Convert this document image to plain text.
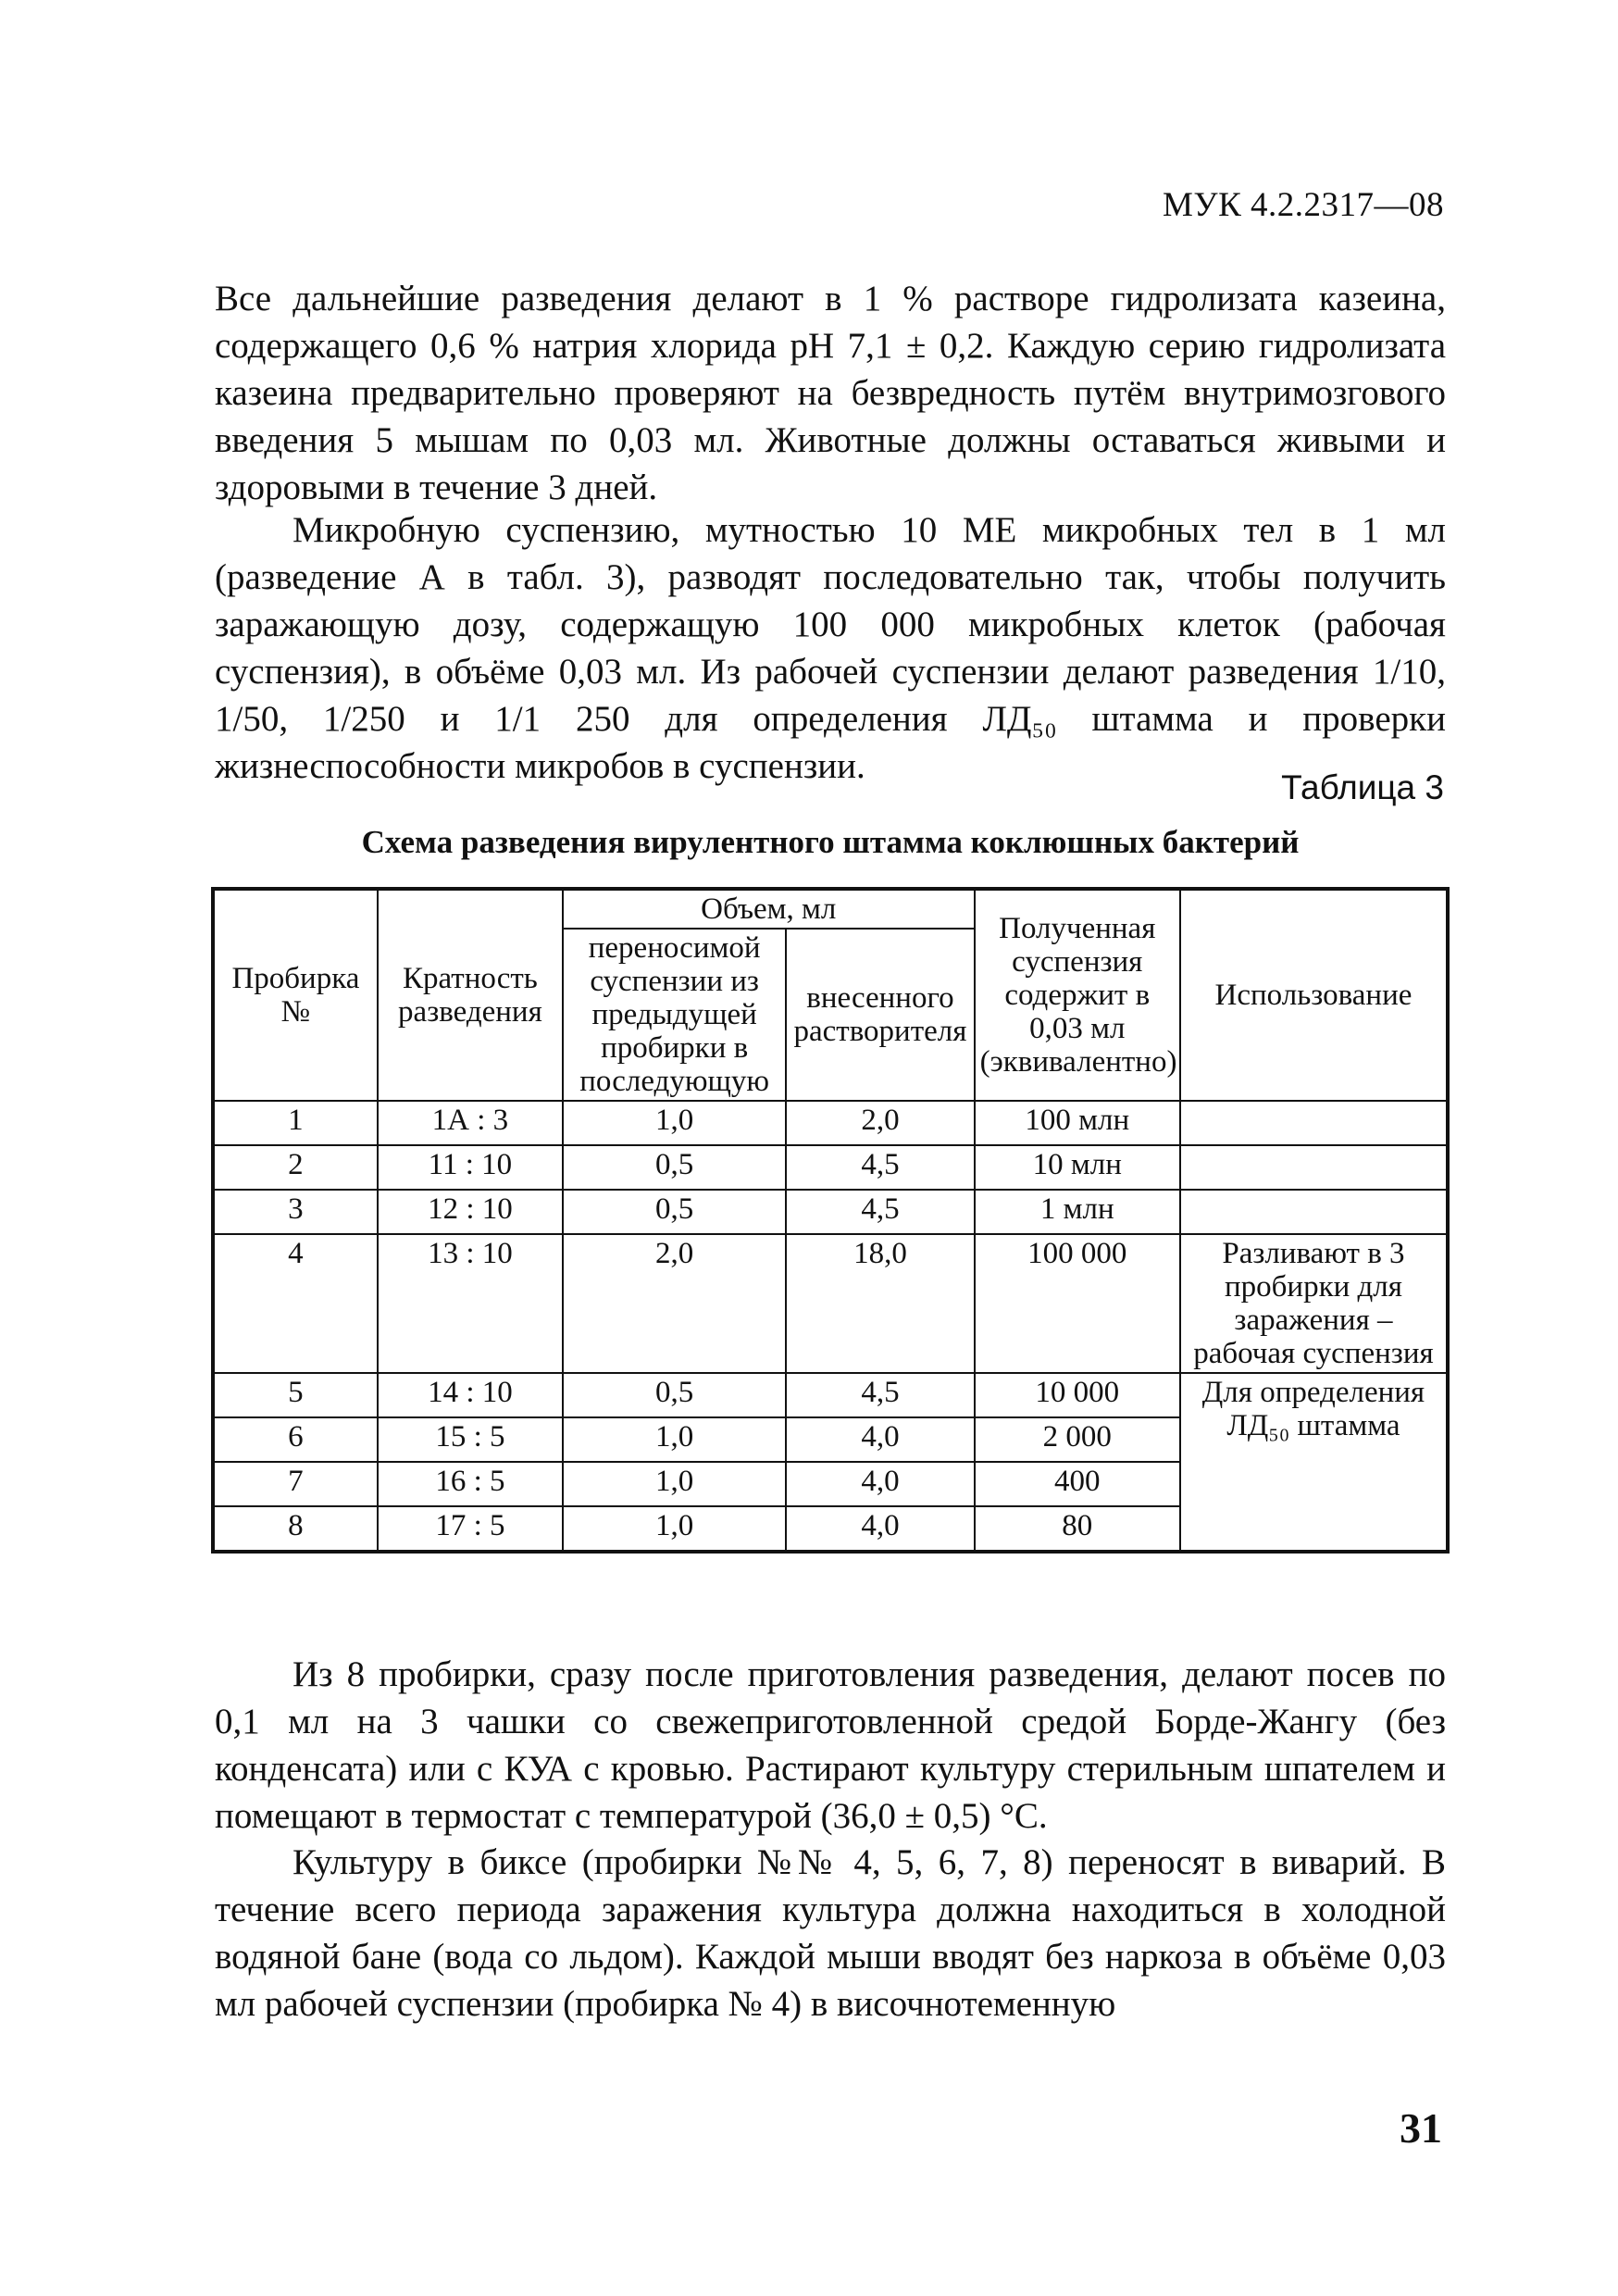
МУК 4.2.2317—08

Все дальнейшие разведения делают в 1 % растворе гидролизата казеина, содержащего 0,6 % натрия хлорида pH 7,1 ± 0,2. Каждую серию гидролизата казеина предварительно проверяют на безвредность путём внутримозгового введения 5 мышам по 0,03 мл. Животные должны оставаться живыми и здоровыми в течение 3 дней.

Микробную суспензию, мутностью 10 МЕ микробных тел в 1 мл (разведение А в табл. 3), разводят последовательно так, чтобы получить заражающую дозу, содержащую 100 000 микробных клеток (рабочая суспензия), в объёме 0,03 мл. Из рабочей суспензии делают разведения 1/10, 1/50, 1/250 и 1/1 250 для определения ЛД₅₀ штамма и проверки жизнеспособности микробов в суспензии.

Таблица 3
Схема разведения вирулентного штамма коклюшных бактерий
Пробирка №	Кратность разведения	Объем, мл		Полученная суспензия содержит в 0,03 мл (эквивалентно)	Использование
		переносимой суспензии из предыдущей пробирки в последующую	внесенного растворителя		
1	1А : 3	1,0	2,0	100 млн	
2	11 : 10	0,5	4,5	10 млн	
3	12 : 10	0,5	4,5	1 млн	
4	13 : 10	2,0	18,0	100 000	Разливают в 3 пробирки для заражения – рабочая суспензия
5	14 : 10	0,5	4,5	10 000	Для определения ЛД₅₀ штамма
6	15 : 5	1,0	4,0	2 000	
7	16 : 5	1,0	4,0	400	
8	17 : 5	1,0	4,0	80	

Из 8 пробирки, сразу после приготовления разведения, делают посев по 0,1 мл на 3 чашки со свежеприготовленной средой Борде-Жангу (без конденсата) или с КУА с кровью. Растирают культуру стерильным шпателем и помещают в термостат с температурой (36,0 ± 0,5) °С.

Культуру в биксе (пробирки №№ 4, 5, 6, 7, 8) переносят в виварий. В течение всего периода заражения культура должна находиться в холодной водяной бане (вода со льдом). Каждой мыши вводят без наркоза в объёме 0,03 мл рабочей суспензии (пробирка № 4) в височнотеменную

31
